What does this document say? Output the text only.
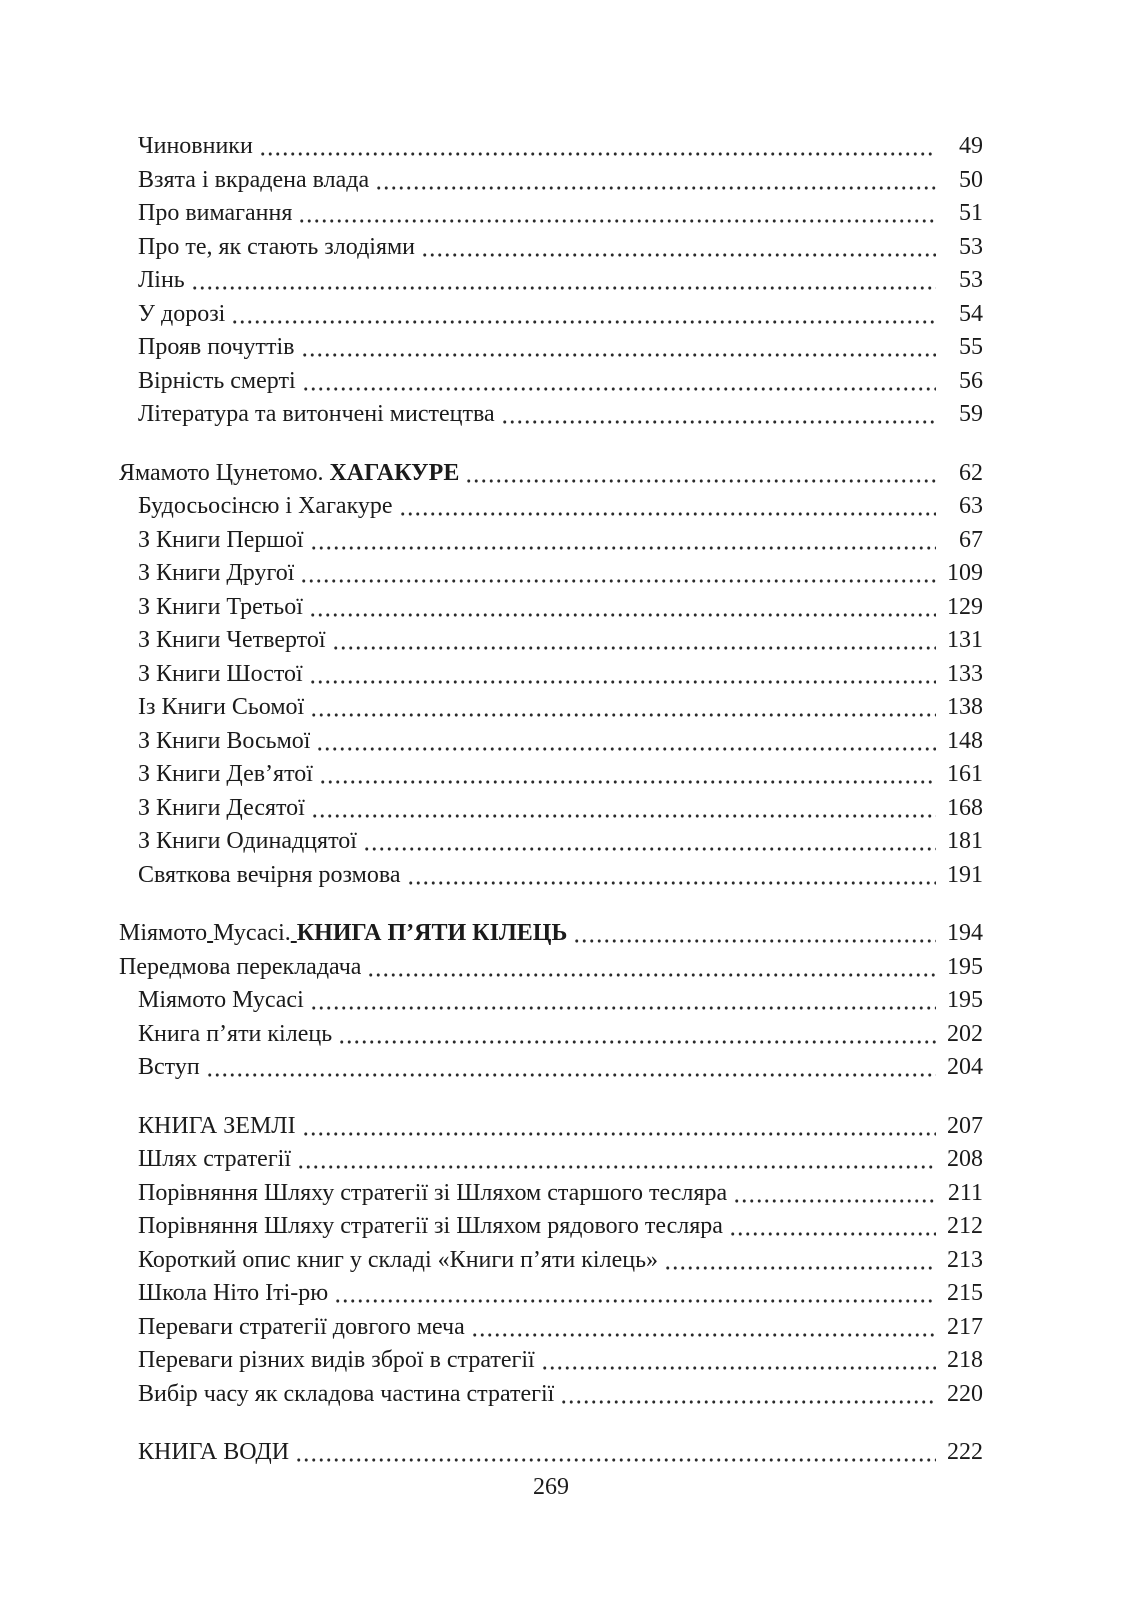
Чиновники	49
Взята і вкрадена влада	50
Про вимагання	51
Про те, як стають злодіями	53
Лінь	53
У дорозі	54
Прояв почуттів	55
Вірність смерті	56
Література та витончені мистецтва	59
Ямамото Цунетомо. ХАГАКУРЕ	62
Будосьосінсю і Хагакуре	63
З Книги Першої	67
З Книги Другої	109
З Книги Третьої	129
З Книги Четвертої	131
З Книги Шостої	133
Із Книги Сьомої	138
З Книги Восьмої	148
З Книги Дев’ятої	161
З Книги Десятої	168
З Книги Одинадцятої	181
Святкова вечірня розмова	191
Міямото Мусасі. КНИГА П’ЯТИ КІЛЕЦЬ	194
Передмова перекладача	195
Міямото Мусасі	195
Книга п’яти кілець	202
Вступ	204
КНИГА ЗЕМЛІ	207
Шлях стратегії	208
Порівняння Шляху стратегії зі Шляхом старшого тесляра	211
Порівняння Шляху стратегії зі Шляхом рядового тесляра	212
Короткий опис книг у складі «Книги п’яти кілець»	213
Школа Ніто Іті-рю	215
Переваги стратегії довгого меча	217
Переваги різних видів зброї в стратегії	218
Вибір часу як складова частина стратегії	220
КНИГА ВОДИ	222
269
